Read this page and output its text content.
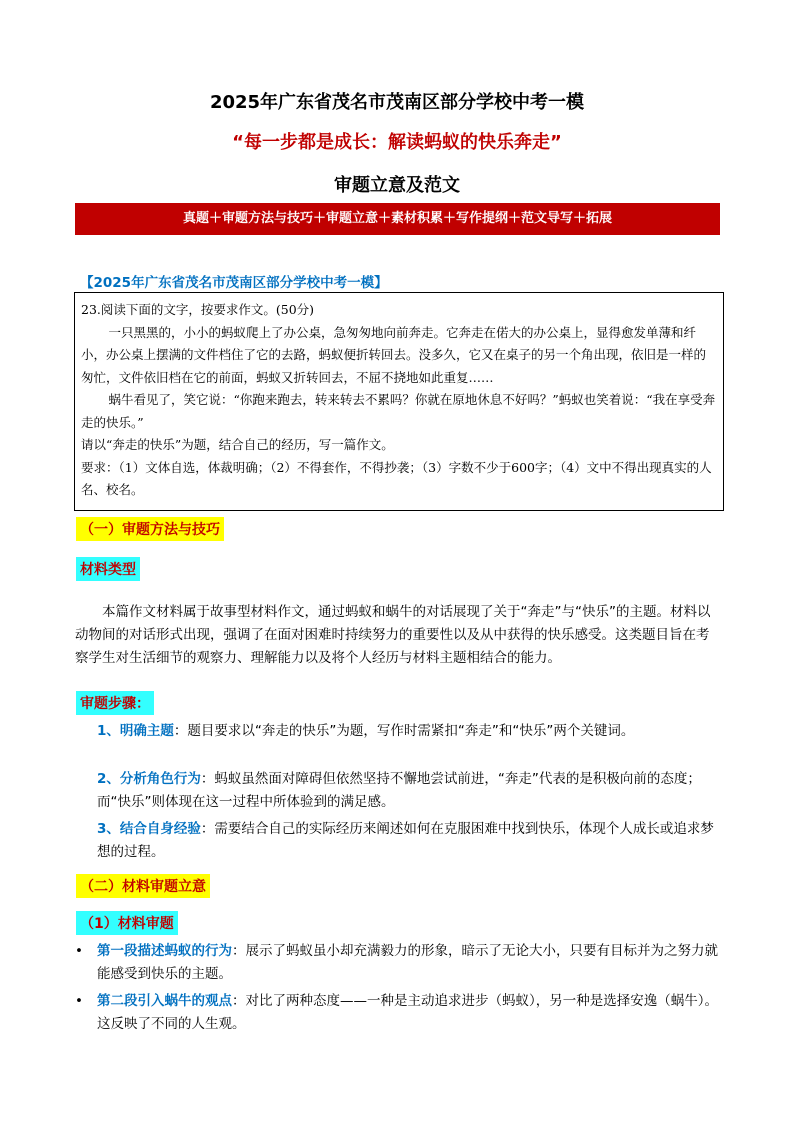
2025年广东省茂名市茂南区部分学校中考一模
“每一步都是成长：解读蚂蚁的快乐奔走”
审题立意及范文
真题＋审题方法与技巧＋审题立意＋素材积累＋写作提纲＋范文导写＋拓展
【2025年广东省茂名市茂南区部分学校中考一模】

23.阅读下面的文字，按要求作文。(50分)

一只黑黑的，小小的蚂蚁爬上了办公桌，急匆匆地向前奔走。它奔走在偌大的办公桌上，显得愈发单薄和纤小，办公桌上摆满的文件档住了它的去路，蚂蚁便折转回去。没多久，它又在桌子的另一个角出现，依旧是一样的匆忙，文件依旧档在它的前面，蚂蚁又折转回去，不屈不挠地如此重复……

蜗牛看见了，笑它说：“你跑来跑去，转来转去不累吗？你就在原地休息不好吗？”蚂蚁也笑着说：“我在享受奔走的快乐。”

请以“奔走的快乐”为题，结合自己的经历，写一篇作文。

要求：（1）文体自选，体裁明确；（2）不得套作，不得抄袭；（3）字数不少于600字；（4）文中不得出现真实的人名、校名。

（一）审题方法与技巧
材料类型

本篇作文材料属于故事型材料作文，通过蚂蚁和蜗牛的对话展现了关于“奔走”与“快乐”的主题。材料以动物间的对话形式出现，强调了在面对困难时持续努力的重要性以及从中获得的快乐感受。这类题目旨在考察学生对生活细节的观察力、理解能力以及将个人经历与材料主题相结合的能力。

审题步骤：
1、明确主题：题目要求以“奔走的快乐”为题，写作时需紧扣“奔走”和“快乐”两个关键词。
2、分析角色行为：蚂蚁虽然面对障碍但依然坚持不懈地尝试前进，“奔走”代表的是积极向前的态度；而“快乐”则体现在这一过程中所体验到的满足感。
3、结合自身经验：需要结合自己的实际经历来阐述如何在克服困难中找到快乐，体现个人成长或追求梦想的过程。
（二）材料审题立意
（1）材料审题
• 第一段描述蚂蚁的行为：展示了蚂蚁虽小却充满毅力的形象，暗示了无论大小，只要有目标并为之努力就能感受到快乐的主题。
• 第二段引入蜗牛的观点：对比了两种态度——一种是主动追求进步（蚂蚁），另一种是选择安逸（蜗牛）。这反映了不同的人生观。
